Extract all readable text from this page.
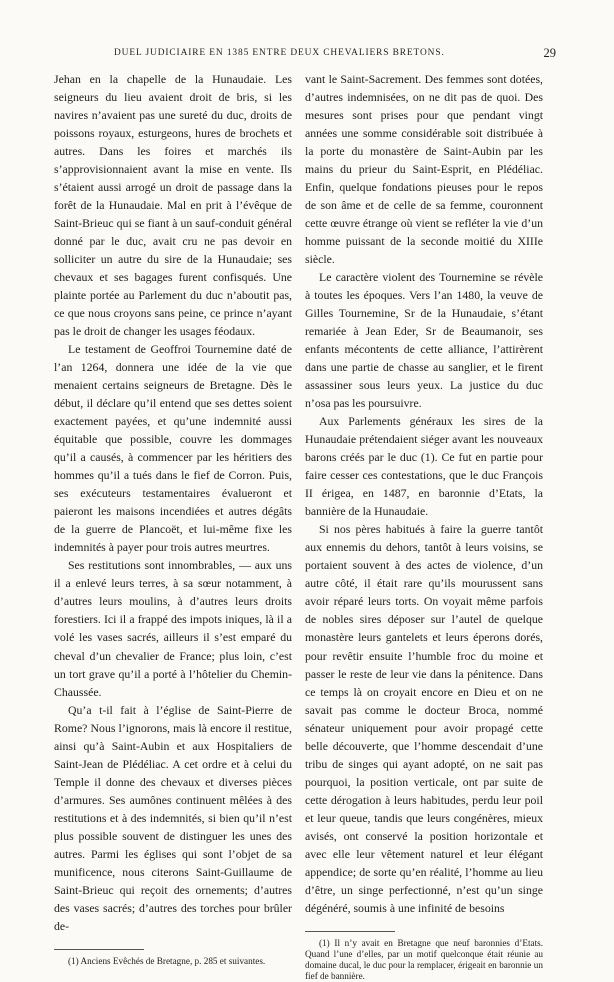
DUEL JUDICIAIRE EN 1385 ENTRE DEUX CHEVALIERS BRETONS.	29

Jehan en la chapelle de la Hunaudaie. Les seigneurs du lieu avaient droit de bris, si les navires n’avaient pas une sureté du duc, droits de poissons royaux, esturgeons, hures de brochets et autres. Dans les foires et marchés ils s’approvisionnaient avant la mise en vente. Ils s’étaient aussi arrogé un droit de passage dans la forêt de la Hunaudaie. Mal en prit à l’évêque de Saint-Brieuc qui se fiant à un sauf-conduit général donné par le duc, avait cru ne pas devoir en solliciter un autre du sire de la Hunaudaie; ses chevaux et ses bagages furent confisqués. Une plainte portée au Parlement du duc n’aboutit pas, ce que nous croyons sans peine, ce prince n’ayant pas le droit de changer les usages féodaux.

Le testament de Geoffroi Tournemine daté de l’an 1264, donnera une idée de la vie que menaient certains seigneurs de Bretagne. Dès le début, il déclare qu’il entend que ses dettes soient exactement payées, et qu’une indemnité aussi équitable que possible, couvre les dommages qu’il a causés, à commencer par les héritiers des hommes qu’il a tués dans le fief de Corron. Puis, ses exécuteurs testamentaires évalueront et paieront les maisons incendiées et autres dégâts de la guerre de Plancoët, et lui-même fixe les indemnités à payer pour trois autres meurtres.

Ses restitutions sont innombrables, — aux uns il a enlevé leurs terres, à sa sœur notamment, à d’autres leurs moulins, à d’autres leurs droits forestiers. Ici il a frappé des impots iniques, là il a volé les vases sacrés, ailleurs il s’est emparé du cheval d’un chevalier de France; plus loin, c’est un tort grave qu’il a porté à l’hôtelier du Chemin-Chaussée.

Qu’a t-il fait à l’église de Saint-Pierre de Rome? Nous l’ignorons, mais là encore il restitue, ainsi qu’à Saint-Aubin et aux Hospitaliers de Saint-Jean de Plédéliac. A cet ordre et à celui du Temple il donne des chevaux et diverses pièces d’armures. Ses aumônes continuent mêlées à des restitutions et à des indemnités, si bien qu’il n’est plus possible souvent de distinguer les unes des autres. Parmi les églises qui sont l’objet de sa munificence, nous citerons Saint-Guillaume de Saint-Brieuc qui reçoit des ornements; d’autres des vases sacrés; d’autres des torches pour brûler de-

(1) Anciens Evêchés de Bretagne, p. 285 et suivantes.

vant le Saint-Sacrement. Des femmes sont dotées, d’autres indemnisées, on ne dit pas de quoi. Des mesures sont prises pour que pendant vingt années une somme considérable soit distribuée à la porte du monastère de Saint-Aubin par les mains du prieur du Saint-Esprit, en Plédéliac. Enfin, quelque fondations pieuses pour le repos de son âme et de celle de sa femme, couronnent cette œuvre étrange où vient se refléter la vie d’un homme puissant de la seconde moitié du XIIIe siècle.

Le caractère violent des Tournemine se révèle à toutes les époques. Vers l’an 1480, la veuve de Gilles Tournemine, Sr de la Hunaudaie, s’étant remariée à Jean Eder, Sr de Beaumanoir, ses enfants mécontents de cette alliance, l’attirèrent dans une partie de chasse au sanglier, et le firent assassiner sous leurs yeux. La justice du duc n’osa pas les poursuivre.

Aux Parlements généraux les sires de la Hunaudaie prétendaient siéger avant les nouveaux barons créés par le duc (1). Ce fut en partie pour faire cesser ces contestations, que le duc François II érigea, en 1487, en baronnie d’Etats, la bannière de la Hunaudaie.

Si nos pères habitués à faire la guerre tantôt aux ennemis du dehors, tantôt à leurs voisins, se portaient souvent à des actes de violence, d’un autre côté, il était rare qu’ils mourussent sans avoir réparé leurs torts. On voyait même parfois de nobles sires déposer sur l’autel de quelque monastère leurs gantelets et leurs éperons dorés, pour revêtir ensuite l’humble froc du moine et passer le reste de leur vie dans la pénitence. Dans ce temps là on croyait encore en Dieu et on ne savait pas comme le docteur Broca, nommé sénateur uniquement pour avoir propagé cette belle découverte, que l’homme descendait d’une tribu de singes qui ayant adopté, on ne sait pas pourquoi, la position verticale, ont par suite de cette dérogation à leurs habitudes, perdu leur poil et leur queue, tandis que leurs congénères, mieux avisés, ont conservé la position horizontale et avec elle leur vêtement naturel et leur élégant appendice; de sorte qu’en réalité, l’homme au lieu d’être, un singe perfectionné, n’est qu’un singe dégénéré, soumis à une infinité de besoins

(1) Il n’y avait en Bretagne que neuf baronnies d’Etats. Quand l’une d’elles, par un motif quelconque était réunie au domaine ducal, le duc pour la remplacer, érigeait en baronnie un fief de bannière.
